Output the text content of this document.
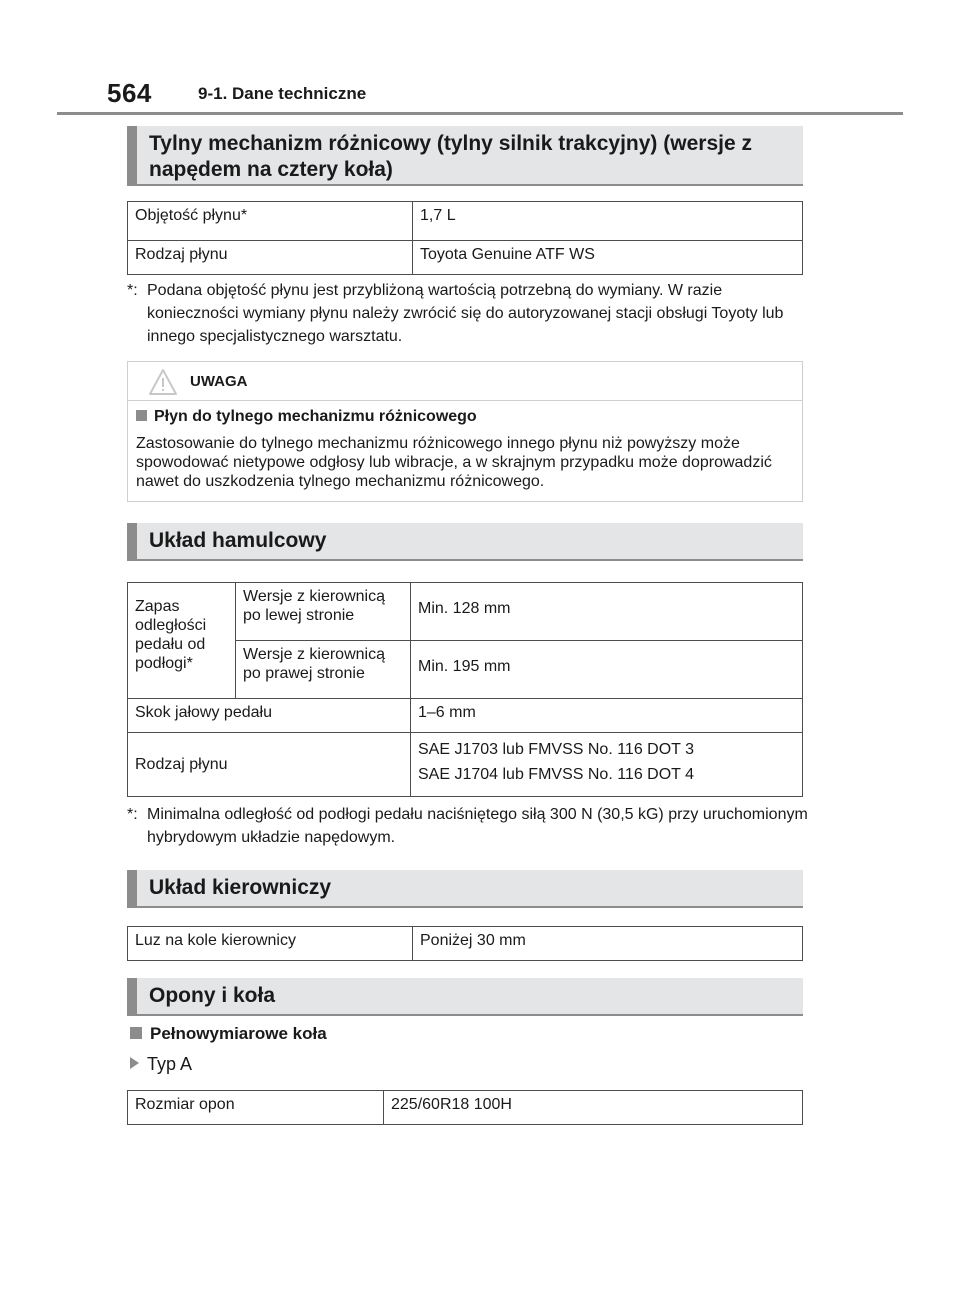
564	9-1. Dane techniczne
Tylny mechanizm różnicowy (tylny silnik trakcyjny) (wersje z napędem na cztery koła)
Objętość płynu*	1,7 L
Rodzaj płynu	Toyota Genuine ATF WS
*: Podana objętość płynu jest przybliżoną wartością potrzebną do wymiany. W razie konieczności wymiany płynu należy zwrócić się do autoryzowanej stacji obsługi Toyoty lub innego specjalistycznego warsztatu.
UWAGA
Płyn do tylnego mechanizmu różnicowego
Zastosowanie do tylnego mechanizmu różnicowego innego płynu niż powyższy może spowodować nietypowe odgłosy lub wibracje, a w skrajnym przypadku może doprowadzić nawet do uszkodzenia tylnego mechanizmu różnicowego.
Układ hamulcowy
Zapas odległości pedału od podłogi*	Wersje z kierownicą po lewej stronie	Min. 128 mm
	Wersje z kierownicą po prawej stronie	Min. 195 mm
Skok jałowy pedału		1–6 mm
Rodzaj płynu		SAE J1703 lub FMVSS No. 116 DOT 3
SAE J1704 lub FMVSS No. 116 DOT 4
*: Minimalna odległość od podłogi pedału naciśniętego siłą 300 N (30,5 kG) przy uruchomionym hybrydowym układzie napędowym.
Układ kierowniczy
Luz na kole kierownicy	Poniżej 30 mm
Opony i koła
Pełnowymiarowe koła
Typ A
Rozmiar opon	225/60R18 100H
